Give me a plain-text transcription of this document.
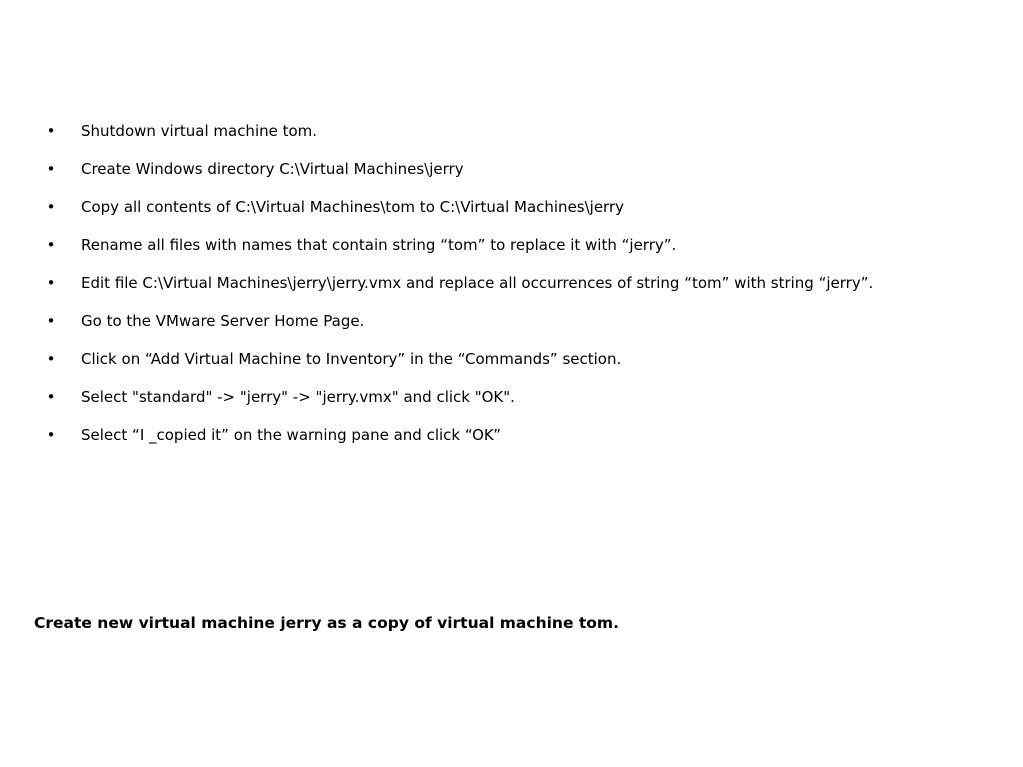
• Shutdown virtual machine tom.
• Create Windows directory C:\Virtual Machines\jerry
• Copy all contents of C:\Virtual Machines\tom to C:\Virtual Machines\jerry
• Rename all files with names that contain string “tom” to replace it with “jerry”.
• Edit file C:\Virtual Machines\jerry\jerry.vmx and replace all occurrences of string “tom” with string “jerry”.
• Go to the VMware Server Home Page.
• Click on “Add Virtual Machine to Inventory” in the “Commands” section.
• Select "standard" -> "jerry" -> "jerry.vmx" and click "OK".
• Select “I _copied it” on the warning pane and click “OK”
Create new virtual machine jerry as a copy of virtual machine tom.
